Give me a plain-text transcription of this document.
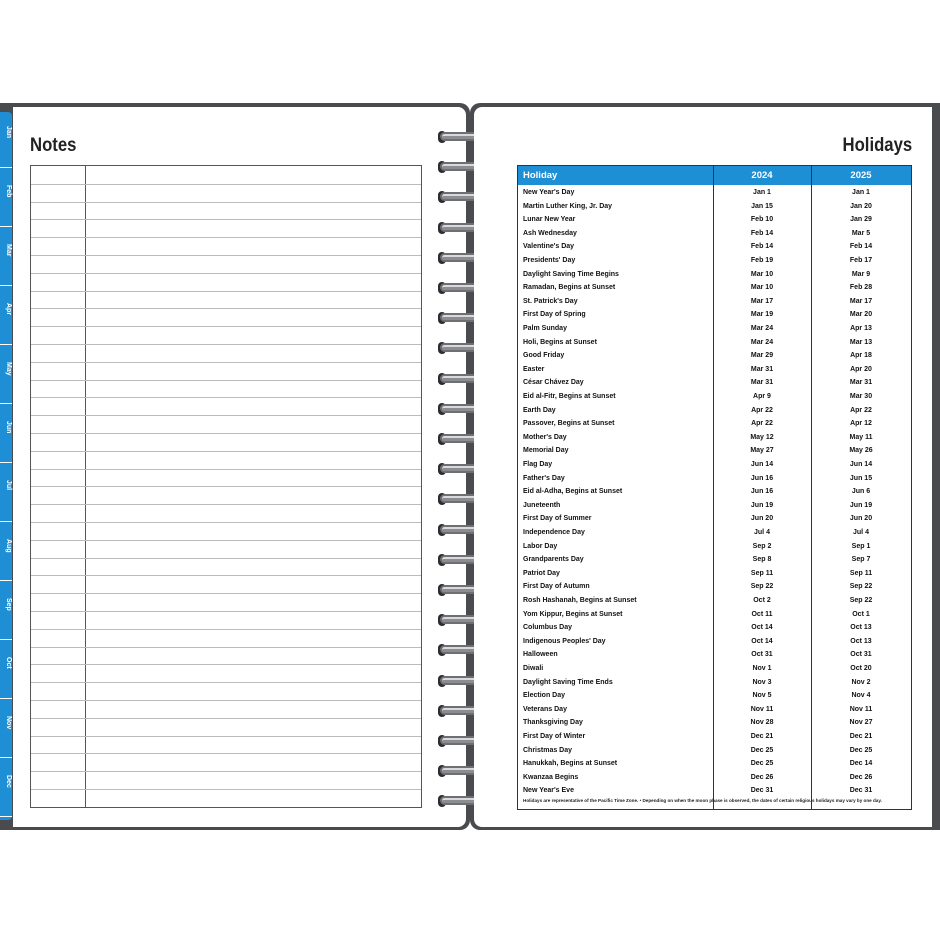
Jan
Feb
Mar
Apr
May
Jun
Jul
Aug
Sep
Oct
Nov
Dec
Notes	Holidays
Holiday	2024	2025
New Year's Day	Jan 1	Jan 1
Martin Luther King, Jr. Day	Jan 15	Jan 20
Lunar New Year	Feb 10	Jan 29
Ash Wednesday	Feb 14	Mar 5
Valentine's Day	Feb 14	Feb 14
Presidents' Day	Feb 19	Feb 17
Daylight Saving Time Begins	Mar 10	Mar 9
Ramadan, Begins at Sunset	Mar 10	Feb 28
St. Patrick's Day	Mar 17	Mar 17
First Day of Spring	Mar 19	Mar 20
Palm Sunday	Mar 24	Apr 13
Holi, Begins at Sunset	Mar 24	Mar 13
Good Friday	Mar 29	Apr 18
Easter	Mar 31	Apr 20
César Chávez Day	Mar 31	Mar 31
Eid al-Fitr, Begins at Sunset	Apr 9	Mar 30
Earth Day	Apr 22	Apr 22
Passover, Begins at Sunset	Apr 22	Apr 12
Mother's Day	May 12	May 11
Memorial Day	May 27	May 26
Flag Day	Jun 14	Jun 14
Father's Day	Jun 16	Jun 15
Eid al-Adha, Begins at Sunset	Jun 16	Jun 6
Juneteenth	Jun 19	Jun 19
First Day of Summer	Jun 20	Jun 20
Independence Day	Jul 4	Jul 4
Labor Day	Sep 2	Sep 1
Grandparents Day	Sep 8	Sep 7
Patriot Day	Sep 11	Sep 11
First Day of Autumn	Sep 22	Sep 22
Rosh Hashanah, Begins at Sunset	Oct 2	Sep 22
Yom Kippur, Begins at Sunset	Oct 11	Oct 1
Columbus Day	Oct 14	Oct 13
Indigenous Peoples' Day	Oct 14	Oct 13
Halloween	Oct 31	Oct 31
Diwali	Nov 1	Oct 20
Daylight Saving Time Ends	Nov 3	Nov 2
Election Day	Nov 5	Nov 4
Veterans Day	Nov 11	Nov 11
Thanksgiving Day	Nov 28	Nov 27
First Day of Winter	Dec 21	Dec 21
Christmas Day	Dec 25	Dec 25
Hanukkah, Begins at Sunset	Dec 25	Dec 14
Kwanzaa Begins	Dec 26	Dec 26
New Year's Eve	Dec 31	Dec 31
Holidays are representative of the Pacific Time Zone. • Depending on when the moon phase is observed, the dates of certain religious holidays may vary by one day.
